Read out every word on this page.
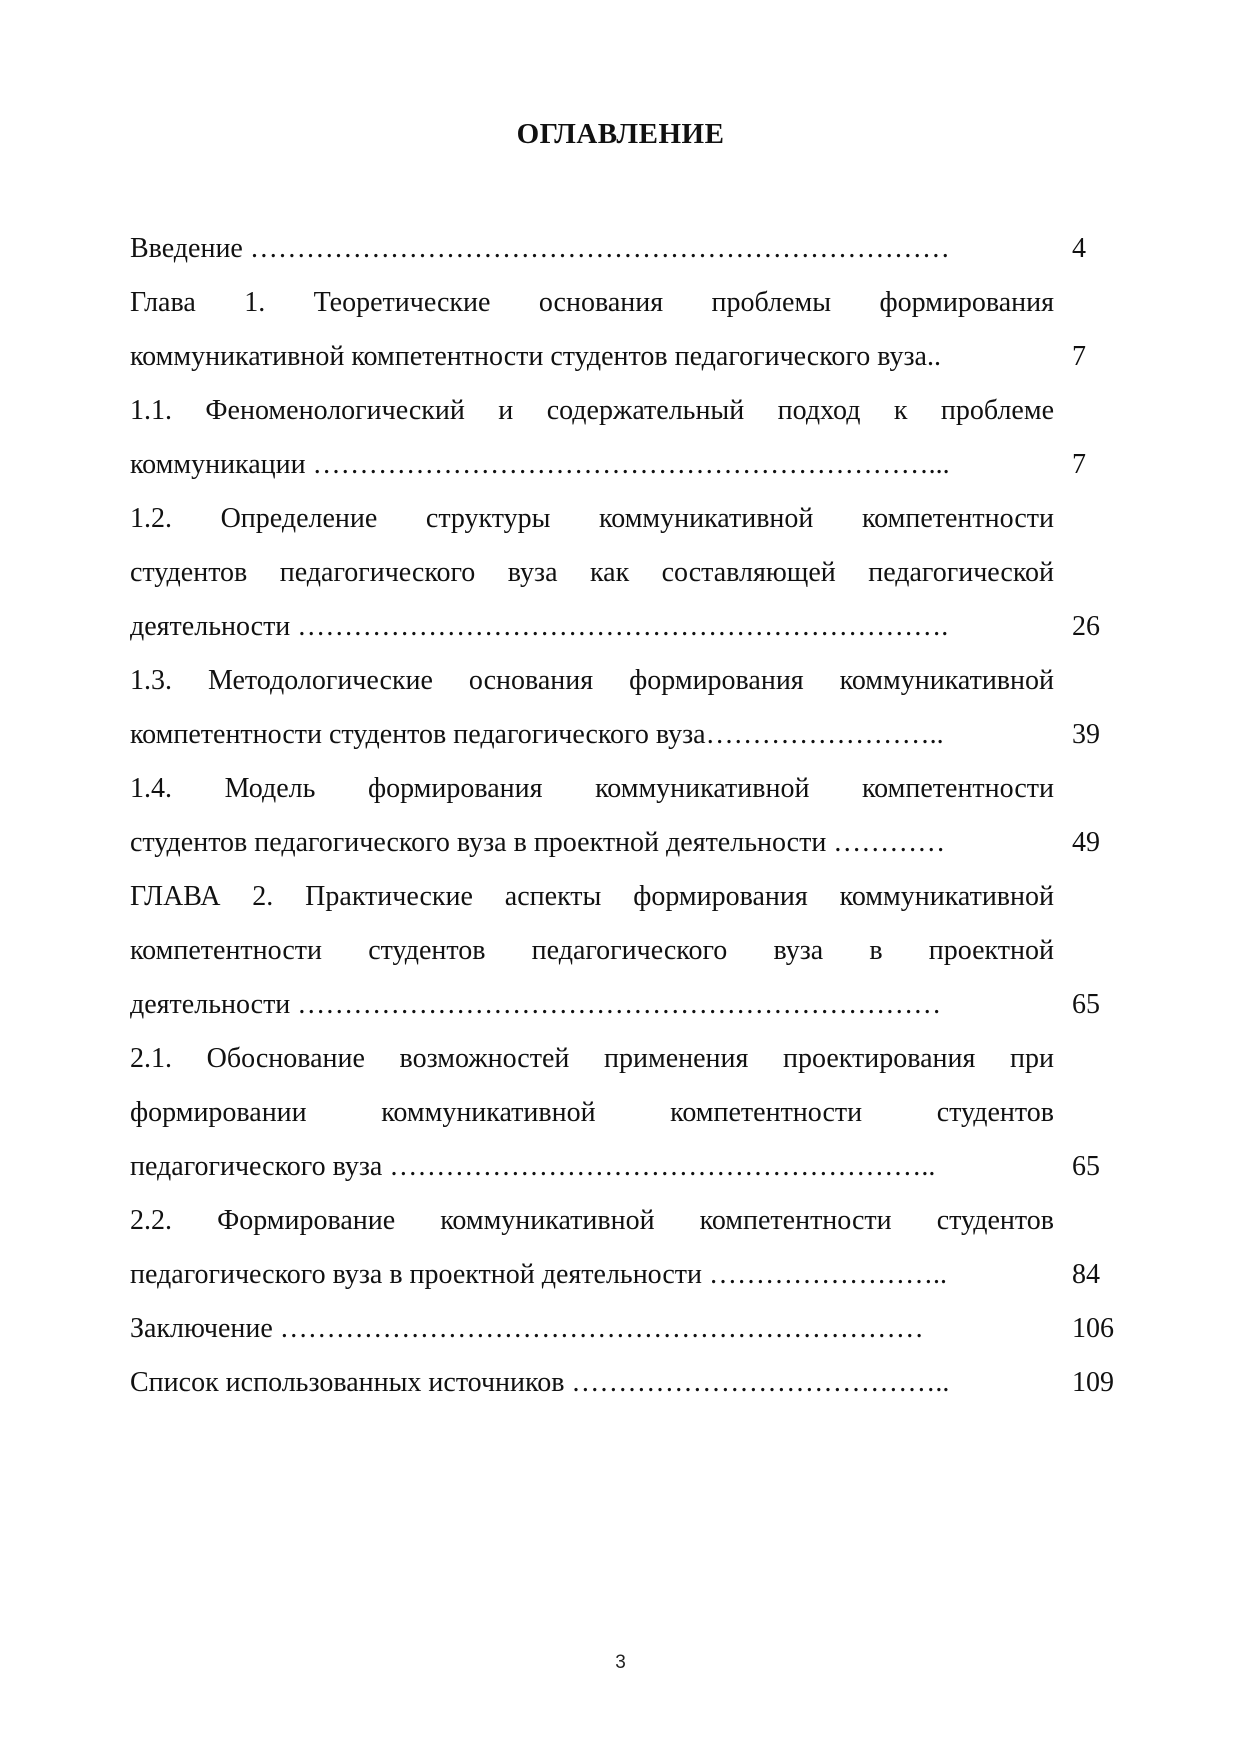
ОГЛАВЛЕНИЕ
Введение …………………………………………………………………	4
Глава 1. Теоретические основания проблемы формирования
коммуникативной компетентности студентов педагогического вуза..	7
1.1. Феноменологический и содержательный подход к проблеме
коммуникации …………………………………………………………...	7
1.2. Определение структуры коммуникативной компетентности
студентов педагогического вуза как составляющей педагогической
деятельности …………………………………………………………….	26
1.3. Методологические основания формирования коммуникативной
компетентности студентов педагогического вуза……………………..	39
1.4. Модель формирования коммуникативной компетентности
студентов педагогического вуза в проектной деятельности …………	49
ГЛАВА 2. Практические аспекты формирования коммуникативной
компетентности студентов педагогического вуза в проектной
деятельности ……………………………………………………………	65
2.1. Обоснование возможностей применения проектирования при
формировании коммуникативной компетентности студентов
педагогического вуза …………………………………………………..	65
2.2. Формирование коммуникативной компетентности студентов
педагогического вуза в проектной деятельности ……………………..	84
Заключение ……………………………………………………………	106
Список использованных источников …………………………………..	109
3
